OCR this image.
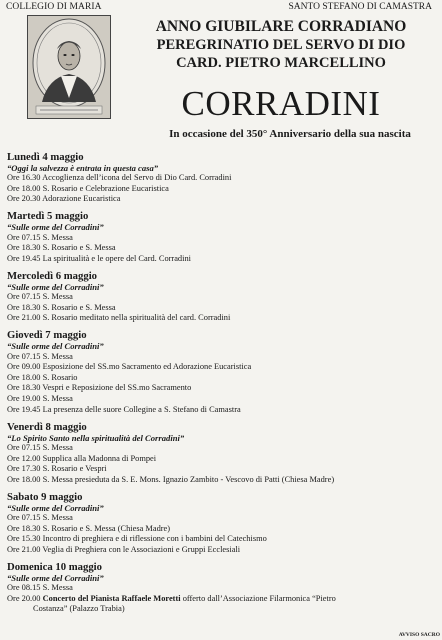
COLLEGIO DI MARIA	SANTO STEFANO DI CAMASTRA
ANNO GIUBILARE CORRADIANO
PEREGRINATIO DEL SERVO DI DIO
CARD. PIETRO MARCELLINO
CORRADINI
In occasione del 350° Anniversario della sua nascita
Lunedì 4 maggio
“Oggi la salvezza è entrata in questa casa”
Ore 16.30 Accoglienza dell’icona del Servo di Dio Card. Corradini
Ore 18.00 S. Rosario e Celebrazione Eucaristica
Ore 20.30 Adorazione Eucaristica
Martedì 5 maggio
“Sulle orme del Corradini”
Ore 07.15 S. Messa
Ore 18.30 S. Rosario e S. Messa
Ore 19.45 La spiritualità e le opere del Card. Corradini
Mercoledì 6 maggio
“Sulle orme del Corradini”
Ore 07.15 S. Messa
Ore 18.30 S. Rosario e S. Messa
Ore 21.00 S. Rosario meditato nella spiritualità del card. Corradini
Giovedì 7 maggio
“Sulle orme del Corradini”
Ore 07.15 S. Messa
Ore 09.00 Esposizione del SS.mo Sacramento ed Adorazione Eucaristica
Ore 18.00 S. Rosario
Ore 18.30 Vespri e Reposizione del SS.mo Sacramento
Ore 19.00 S. Messa
Ore 19.45 La presenza delle suore Collegine a S. Stefano di Camastra
Venerdì 8 maggio
“Lo Spirito Santo nella spiritualità del Corradini”
Ore 07.15 S. Messa
Ore 12.00 Supplica alla Madonna di Pompei
Ore 17.30 S. Rosario e Vespri
Ore 18.00 S. Messa presieduta da S. E. Mons. Ignazio Zambito - Vescovo di Patti (Chiesa Madre)
Sabato 9 maggio
“Sulle orme del Corradini”
Ore 07.15 S. Messa
Ore 18.30 S. Rosario e S. Messa (Chiesa Madre)
Ore 15.30 Incontro di preghiera e di riflessione con i bambini del Catechismo
Ore 21.00 Veglia di Preghiera con le Associazioni e Gruppi Ecclesiali
Domenica 10 maggio
“Sulle orme del Corradini”
Ore 08.15 S. Messa
Ore 20.00 Concerto del Pianista Raffaele Moretti offerto dall’Associazione Filarmonica “Pietro
Costanza” (Palazzo Trabia)
AVVISO SACRO
